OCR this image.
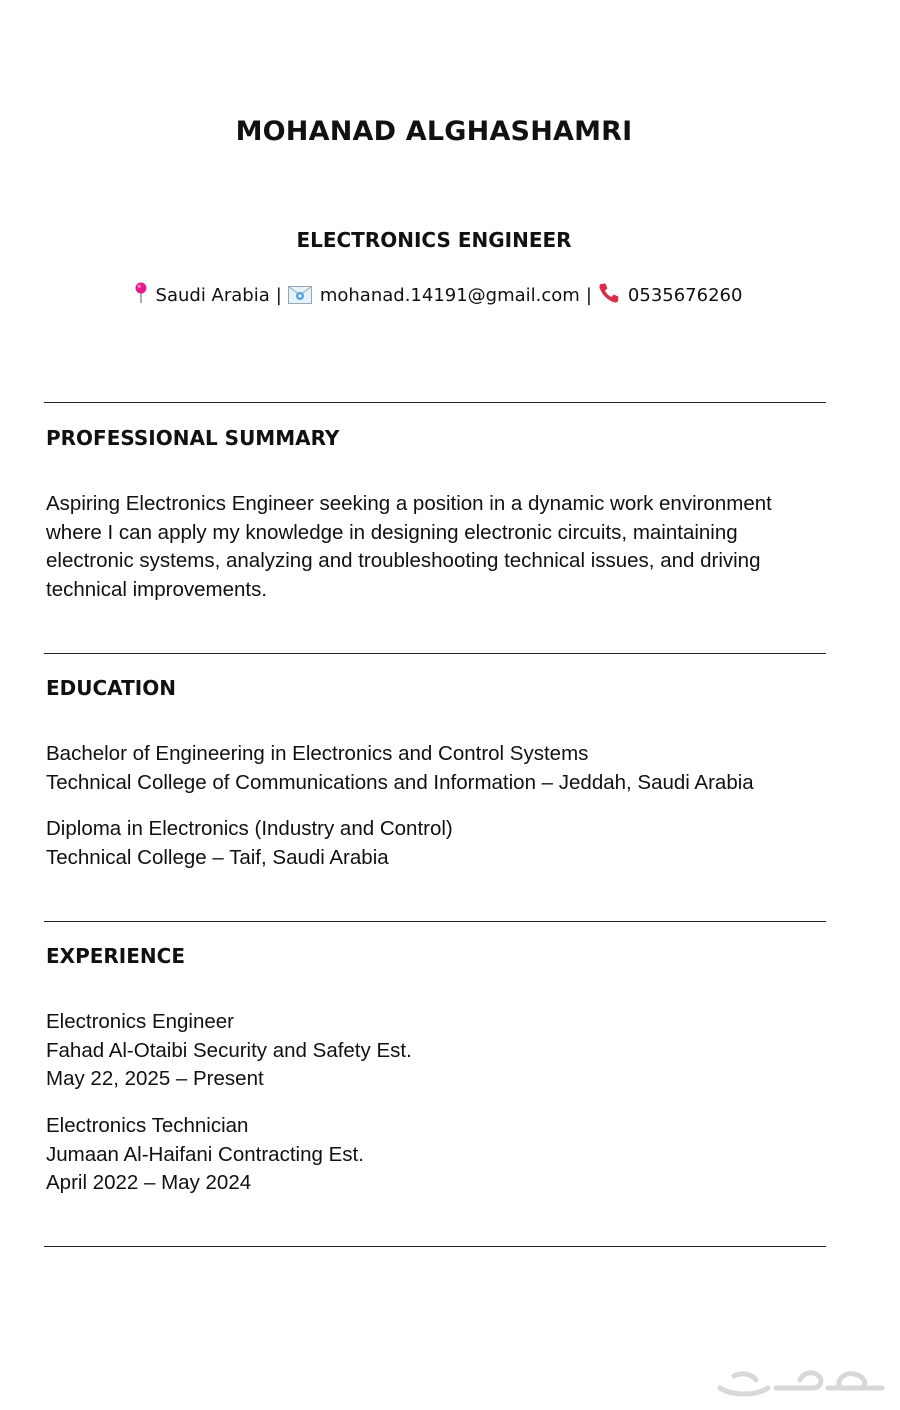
MOHANAD ALGHASHAMRI
ELECTRONICS ENGINEER
Saudi Arabia | mohanad.14191@gmail.com | 0535676260
PROFESSIONAL SUMMARY
Aspiring Electronics Engineer seeking a position in a dynamic work environment
where I can apply my knowledge in designing electronic circuits, maintaining
electronic systems, analyzing and troubleshooting technical issues, and driving
technical improvements.
EDUCATION
Bachelor of Engineering in Electronics and Control Systems
Technical College of Communications and Information – Jeddah, Saudi Arabia
Diploma in Electronics (Industry and Control)
Technical College – Taif, Saudi Arabia
EXPERIENCE
Electronics Engineer
Fahad Al-Otaibi Security and Safety Est.
May 22, 2025 – Present
Electronics Technician
Jumaan Al-Haifani Contracting Est.
April 2022 – May 2024
